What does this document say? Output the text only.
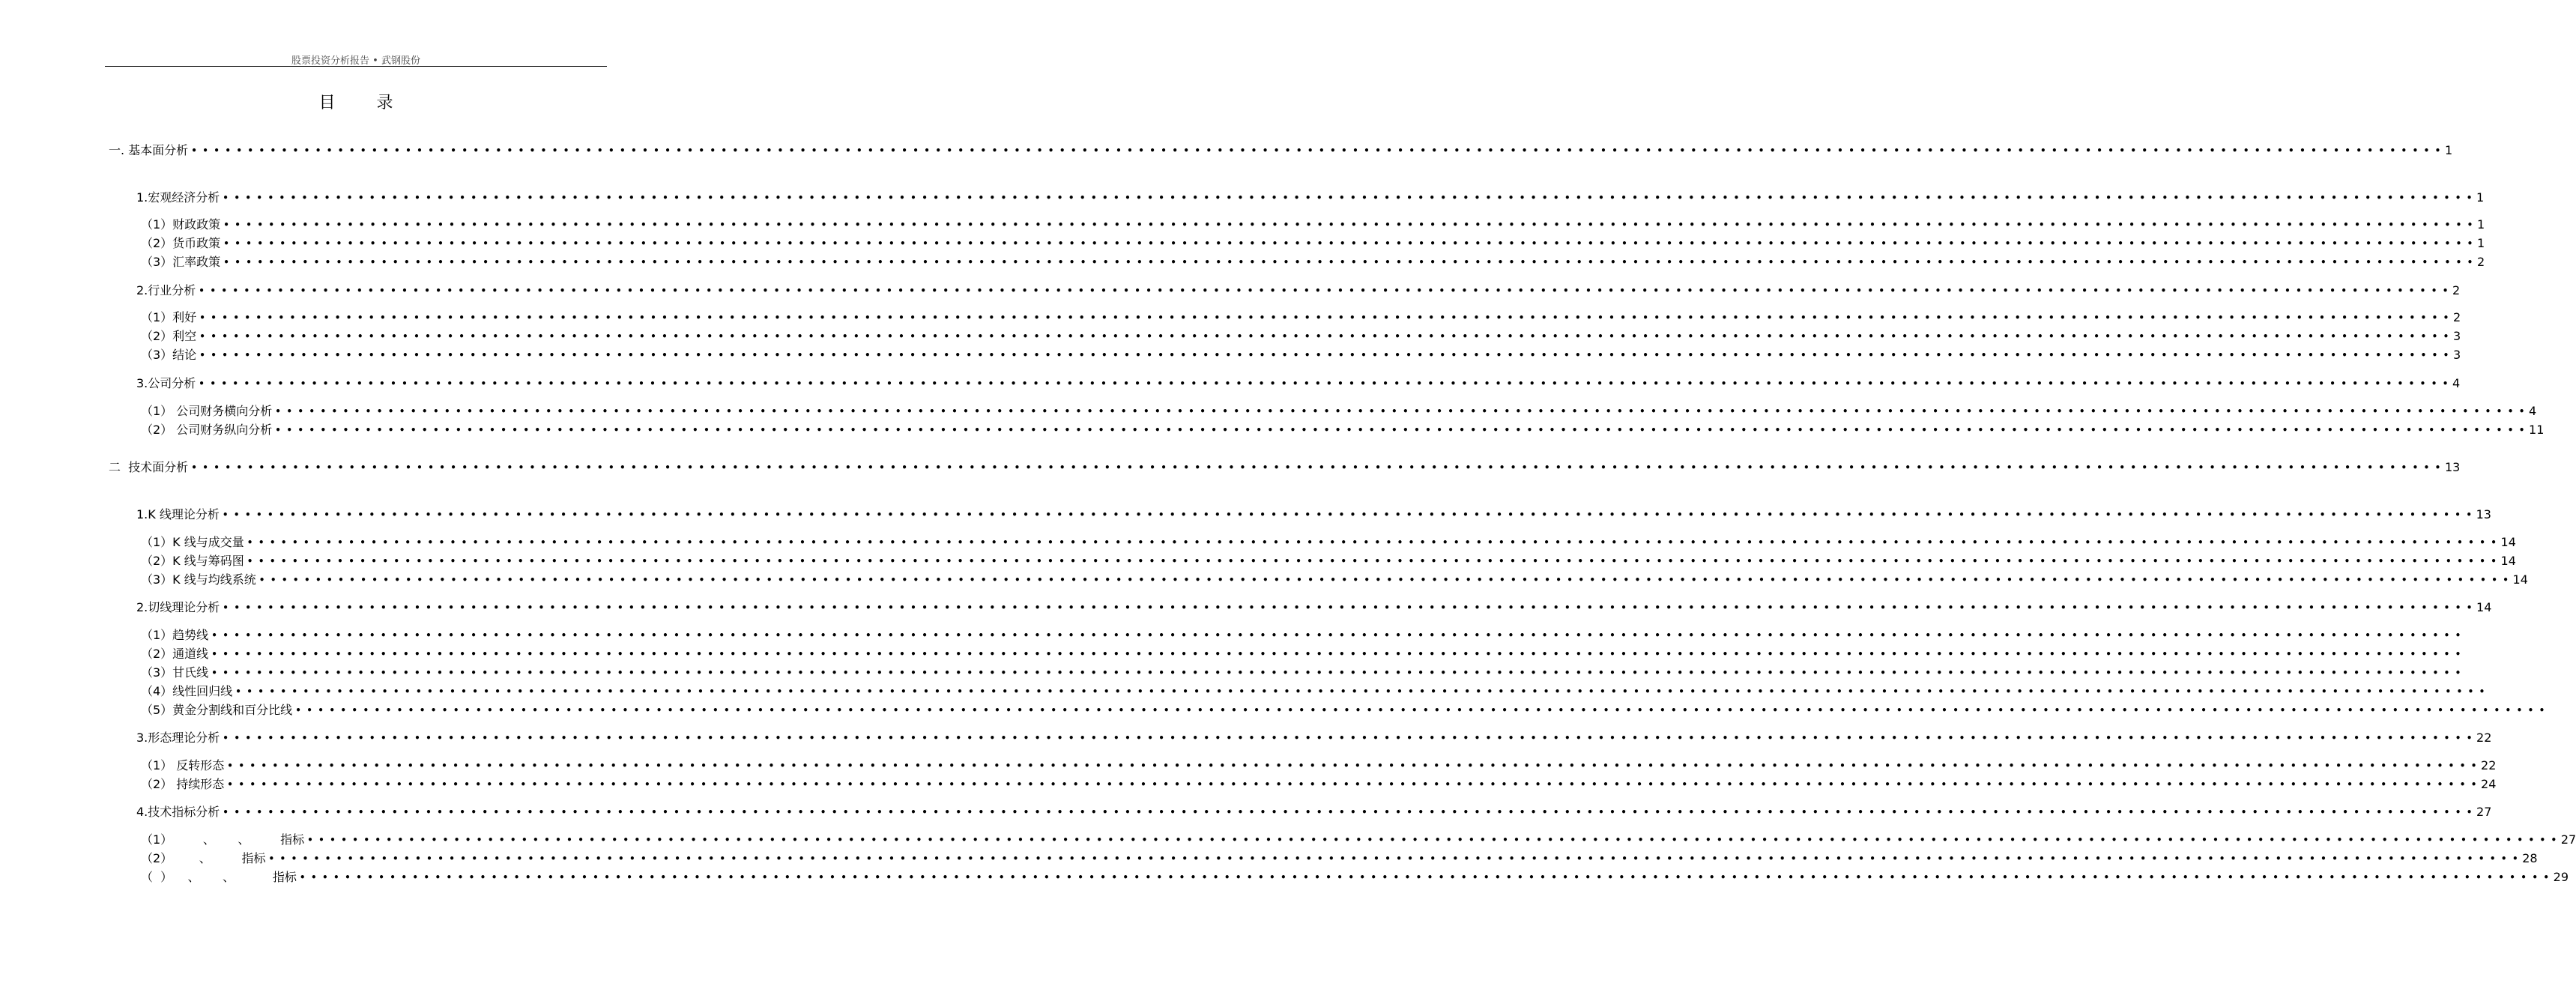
股票投资分析报告 • 武钢股份
目 录
一. 基本面分析 • • • • • • • • • • • • • • • • • • • • • • • • • • • • • • • • • • • • • • • • • • • • • • • • • • • • • • • • • • • • • • • • • • • • • • • • • • • • • • • • • • • • • • • • • • • • • • • • • • • • • • • • • • • • • • • • • • • • • • • • • • • • • • • • • • • • • • • • • • • • • • • • • • • • • • • • • • • • • • • • • • • • • • • • • • • • • • • • • • • • • • • • • • • • • • • • • • • • • • • • 1
1.宏观经济分析 • • • • • • • • • • • • • • • • • • • • • • • • • • • • • • • • • • • • • • • • • • • • • • • • • • • • • • • • • • • • • • • • • • • • • • • • • • • • • • • • • • • • • • • • • • • • • • • • • • • • • • • • • • • • • • • • • • • • • • • • • • • • • • • • • • • • • • • • • • • • • • • • • • • • • • • • • • • • • • • • • • • • • • • • • • • • • • • • • • • • • • • • • • • • • • • • • • • • • • • • 1
（1）财政政策 • • • • • • • • • • • • • • • • • • • • • • • • • • • • • • • • • • • • • • • • • • • • • • • • • • • • • • • • • • • • • • • • • • • • • • • • • • • • • • • • • • • • • • • • • • • • • • • • • • • • • • • • • • • • • • • • • • • • • • • • • • • • • • • • • • • • • • • • • • • • • • • • • • • • • • • • • • • • • • • • • • • • • • • • • • • • • • • • • • • • • • • • • • • • • • • • • • • • • • • • 1
（2）货币政策 • • • • • • • • • • • • • • • • • • • • • • • • • • • • • • • • • • • • • • • • • • • • • • • • • • • • • • • • • • • • • • • • • • • • • • • • • • • • • • • • • • • • • • • • • • • • • • • • • • • • • • • • • • • • • • • • • • • • • • • • • • • • • • • • • • • • • • • • • • • • • • • • • • • • • • • • • • • • • • • • • • • • • • • • • • • • • • • • • • • • • • • • • • • • • • • • • • • • • • • • 1
（3）汇率政策 • • • • • • • • • • • • • • • • • • • • • • • • • • • • • • • • • • • • • • • • • • • • • • • • • • • • • • • • • • • • • • • • • • • • • • • • • • • • • • • • • • • • • • • • • • • • • • • • • • • • • • • • • • • • • • • • • • • • • • • • • • • • • • • • • • • • • • • • • • • • • • • • • • • • • • • • • • • • • • • • • • • • • • • • • • • • • • • • • • • • • • • • • • • • • • • • • • • • • • • • 2
2.行业分析 • • • • • • • • • • • • • • • • • • • • • • • • • • • • • • • • • • • • • • • • • • • • • • • • • • • • • • • • • • • • • • • • • • • • • • • • • • • • • • • • • • • • • • • • • • • • • • • • • • • • • • • • • • • • • • • • • • • • • • • • • • • • • • • • • • • • • • • • • • • • • • • • • • • • • • • • • • • • • • • • • • • • • • • • • • • • • • • • • • • • • • • • • • • • • • • • • • • • • • • • 2
（1）利好 • • • • • • • • • • • • • • • • • • • • • • • • • • • • • • • • • • • • • • • • • • • • • • • • • • • • • • • • • • • • • • • • • • • • • • • • • • • • • • • • • • • • • • • • • • • • • • • • • • • • • • • • • • • • • • • • • • • • • • • • • • • • • • • • • • • • • • • • • • • • • • • • • • • • • • • • • • • • • • • • • • • • • • • • • • • • • • • • • • • • • • • • • • • • • • • • • • • • • • • • 2
（2）利空 • • • • • • • • • • • • • • • • • • • • • • • • • • • • • • • • • • • • • • • • • • • • • • • • • • • • • • • • • • • • • • • • • • • • • • • • • • • • • • • • • • • • • • • • • • • • • • • • • • • • • • • • • • • • • • • • • • • • • • • • • • • • • • • • • • • • • • • • • • • • • • • • • • • • • • • • • • • • • • • • • • • • • • • • • • • • • • • • • • • • • • • • • • • • • • • • • • • • • • • • 3
（3）结论 • • • • • • • • • • • • • • • • • • • • • • • • • • • • • • • • • • • • • • • • • • • • • • • • • • • • • • • • • • • • • • • • • • • • • • • • • • • • • • • • • • • • • • • • • • • • • • • • • • • • • • • • • • • • • • • • • • • • • • • • • • • • • • • • • • • • • • • • • • • • • • • • • • • • • • • • • • • • • • • • • • • • • • • • • • • • • • • • • • • • • • • • • • • • • • • • • • • • • • • • 3
3.公司分析 • • • • • • • • • • • • • • • • • • • • • • • • • • • • • • • • • • • • • • • • • • • • • • • • • • • • • • • • • • • • • • • • • • • • • • • • • • • • • • • • • • • • • • • • • • • • • • • • • • • • • • • • • • • • • • • • • • • • • • • • • • • • • • • • • • • • • • • • • • • • • • • • • • • • • • • • • • • • • • • • • • • • • • • • • • • • • • • • • • • • • • • • • • • • • • • • • • • • • • • • 4
（1） 公司财务横向分析 • • • • • • • • • • • • • • • • • • • • • • • • • • • • • • • • • • • • • • • • • • • • • • • • • • • • • • • • • • • • • • • • • • • • • • • • • • • • • • • • • • • • • • • • • • • • • • • • • • • • • • • • • • • • • • • • • • • • • • • • • • • • • • • • • • • • • • • • • • • • • • • • • • • • • • • • • • • • • • • • • • • • • • • • • • • • • • • • • • • • • • • • • • • • • • • • • • • • • • • • 4
（2） 公司财务纵向分析 • • • • • • • • • • • • • • • • • • • • • • • • • • • • • • • • • • • • • • • • • • • • • • • • • • • • • • • • • • • • • • • • • • • • • • • • • • • • • • • • • • • • • • • • • • • • • • • • • • • • • • • • • • • • • • • • • • • • • • • • • • • • • • • • • • • • • • • • • • • • • • • • • • • • • • • • • • • • • • • • • • • • • • • • • • • • • • • • • • • • • • • • • • • • • • • • • • • • • • • • 11
二  技术面分析 • • • • • • • • • • • • • • • • • • • • • • • • • • • • • • • • • • • • • • • • • • • • • • • • • • • • • • • • • • • • • • • • • • • • • • • • • • • • • • • • • • • • • • • • • • • • • • • • • • • • • • • • • • • • • • • • • • • • • • • • • • • • • • • • • • • • • • • • • • • • • • • • • • • • • • • • • • • • • • • • • • • • • • • • • • • • • • • • • • • • • • • • • • • • • • • • • • • • • • • • 13
1.K 线理论分析 • • • • • • • • • • • • • • • • • • • • • • • • • • • • • • • • • • • • • • • • • • • • • • • • • • • • • • • • • • • • • • • • • • • • • • • • • • • • • • • • • • • • • • • • • • • • • • • • • • • • • • • • • • • • • • • • • • • • • • • • • • • • • • • • • • • • • • • • • • • • • • • • • • • • • • • • • • • • • • • • • • • • • • • • • • • • • • • • • • • • • • • • • • • • • • • • • • • • • • • • 13
（1）K 线与成交量 • • • • • • • • • • • • • • • • • • • • • • • • • • • • • • • • • • • • • • • • • • • • • • • • • • • • • • • • • • • • • • • • • • • • • • • • • • • • • • • • • • • • • • • • • • • • • • • • • • • • • • • • • • • • • • • • • • • • • • • • • • • • • • • • • • • • • • • • • • • • • • • • • • • • • • • • • • • • • • • • • • • • • • • • • • • • • • • • • • • • • • • • • • • • • • • • • • • • • • • • 14
（2）K 线与筹码图 • • • • • • • • • • • • • • • • • • • • • • • • • • • • • • • • • • • • • • • • • • • • • • • • • • • • • • • • • • • • • • • • • • • • • • • • • • • • • • • • • • • • • • • • • • • • • • • • • • • • • • • • • • • • • • • • • • • • • • • • • • • • • • • • • • • • • • • • • • • • • • • • • • • • • • • • • • • • • • • • • • • • • • • • • • • • • • • • • • • • • • • • • • • • • • • • • • • • • • • • 14
（3）K 线与均线系统 • • • • • • • • • • • • • • • • • • • • • • • • • • • • • • • • • • • • • • • • • • • • • • • • • • • • • • • • • • • • • • • • • • • • • • • • • • • • • • • • • • • • • • • • • • • • • • • • • • • • • • • • • • • • • • • • • • • • • • • • • • • • • • • • • • • • • • • • • • • • • • • • • • • • • • • • • • • • • • • • • • • • • • • • • • • • • • • • • • • • • • • • • • • • • • • • • • • • • • • • 14
2.切线理论分析 • • • • • • • • • • • • • • • • • • • • • • • • • • • • • • • • • • • • • • • • • • • • • • • • • • • • • • • • • • • • • • • • • • • • • • • • • • • • • • • • • • • • • • • • • • • • • • • • • • • • • • • • • • • • • • • • • • • • • • • • • • • • • • • • • • • • • • • • • • • • • • • • • • • • • • • • • • • • • • • • • • • • • • • • • • • • • • • • • • • • • • • • • • • • • • • • • • • • • • • • 14
（1）趋势线 • • • • • • • • • • • • • • • • • • • • • • • • • • • • • • • • • • • • • • • • • • • • • • • • • • • • • • • • • • • • • • • • • • • • • • • • • • • • • • • • • • • • • • • • • • • • • • • • • • • • • • • • • • • • • • • • • • • • • • • • • • • • • • • • • • • • • • • • • • • • • • • • • • • • • • • • • • • • • • • • • • • • • • • • • • • • • • • • • • • • • • • • • • • • • • • • • • • • • • • •
（2）通道线 • • • • • • • • • • • • • • • • • • • • • • • • • • • • • • • • • • • • • • • • • • • • • • • • • • • • • • • • • • • • • • • • • • • • • • • • • • • • • • • • • • • • • • • • • • • • • • • • • • • • • • • • • • • • • • • • • • • • • • • • • • • • • • • • • • • • • • • • • • • • • • • • • • • • • • • • • • • • • • • • • • • • • • • • • • • • • • • • • • • • • • • • • • • • • • • • • • • • • • • •
（3）甘氏线 • • • • • • • • • • • • • • • • • • • • • • • • • • • • • • • • • • • • • • • • • • • • • • • • • • • • • • • • • • • • • • • • • • • • • • • • • • • • • • • • • • • • • • • • • • • • • • • • • • • • • • • • • • • • • • • • • • • • • • • • • • • • • • • • • • • • • • • • • • • • • • • • • • • • • • • • • • • • • • • • • • • • • • • • • • • • • • • • • • • • • • • • • • • • • • • • • • • • • • • •
（4）线性回归线 • • • • • • • • • • • • • • • • • • • • • • • • • • • • • • • • • • • • • • • • • • • • • • • • • • • • • • • • • • • • • • • • • • • • • • • • • • • • • • • • • • • • • • • • • • • • • • • • • • • • • • • • • • • • • • • • • • • • • • • • • • • • • • • • • • • • • • • • • • • • • • • • • • • • • • • • • • • • • • • • • • • • • • • • • • • • • • • • • • • • • • • • • • • • • • • • • • • • • • • •
（5）黄金分割线和百分比线 • • • • • • • • • • • • • • • • • • • • • • • • • • • • • • • • • • • • • • • • • • • • • • • • • • • • • • • • • • • • • • • • • • • • • • • • • • • • • • • • • • • • • • • • • • • • • • • • • • • • • • • • • • • • • • • • • • • • • • • • • • • • • • • • • • • • • • • • • • • • • • • • • • • • • • • • • • • • • • • • • • • • • • • • • • • • • • • • • • • • • • • • • • • • • • • • • • • • • • • •
3.形态理论分析 • • • • • • • • • • • • • • • • • • • • • • • • • • • • • • • • • • • • • • • • • • • • • • • • • • • • • • • • • • • • • • • • • • • • • • • • • • • • • • • • • • • • • • • • • • • • • • • • • • • • • • • • • • • • • • • • • • • • • • • • • • • • • • • • • • • • • • • • • • • • • • • • • • • • • • • • • • • • • • • • • • • • • • • • • • • • • • • • • • • • • • • • • • • • • • • • • • • • • • • • 22
（1） 反转形态 • • • • • • • • • • • • • • • • • • • • • • • • • • • • • • • • • • • • • • • • • • • • • • • • • • • • • • • • • • • • • • • • • • • • • • • • • • • • • • • • • • • • • • • • • • • • • • • • • • • • • • • • • • • • • • • • • • • • • • • • • • • • • • • • • • • • • • • • • • • • • • • • • • • • • • • • • • • • • • • • • • • • • • • • • • • • • • • • • • • • • • • • • • • • • • • • • • • • • • • • 22
（2） 持续形态 • • • • • • • • • • • • • • • • • • • • • • • • • • • • • • • • • • • • • • • • • • • • • • • • • • • • • • • • • • • • • • • • • • • • • • • • • • • • • • • • • • • • • • • • • • • • • • • • • • • • • • • • • • • • • • • • • • • • • • • • • • • • • • • • • • • • • • • • • • • • • • • • • • • • • • • • • • • • • • • • • • • • • • • • • • • • • • • • • • • • • • • • • • • • • • • • • • • • • • • • 24
4.技术指标分析 • • • • • • • • • • • • • • • • • • • • • • • • • • • • • • • • • • • • • • • • • • • • • • • • • • • • • • • • • • • • • • • • • • • • • • • • • • • • • • • • • • • • • • • • • • • • • • • • • • • • • • • • • • • • • • • • • • • • • • • • • • • • • • • • • • • • • • • • • • • • • • • • • • • • • • • • • • • • • • • • • • • • • • • • • • • • • • • • • • • • • • • • • • • • • • • • • • • • • • • • 27
（1）        、      、        指标 • • • • • • • • • • • • • • • • • • • • • • • • • • • • • • • • • • • • • • • • • • • • • • • • • • • • • • • • • • • • • • • • • • • • • • • • • • • • • • • • • • • • • • • • • • • • • • • • • • • • • • • • • • • • • • • • • • • • • • • • • • • • • • • • • • • • • • • • • • • • • • • • • • • • • • • • • • • • • • • • • • • • • • • • • • • • • • • • • • • • • • • • • • • • • • • • • • • • • • • • 27
（2）       、        指标 • • • • • • • • • • • • • • • • • • • • • • • • • • • • • • • • • • • • • • • • • • • • • • • • • • • • • • • • • • • • • • • • • • • • • • • • • • • • • • • • • • • • • • • • • • • • • • • • • • • • • • • • • • • • • • • • • • • • • • • • • • • • • • • • • • • • • • • • • • • • • • • • • • • • • • • • • • • • • • • • • • • • • • • • • • • • • • • • • • • • • • • • • • • • • • • • • • • • • • • • 28
（  ）    、      、          指标 • • • • • • • • • • • • • • • • • • • • • • • • • • • • • • • • • • • • • • • • • • • • • • • • • • • • • • • • • • • • • • • • • • • • • • • • • • • • • • • • • • • • • • • • • • • • • • • • • • • • • • • • • • • • • • • • • • • • • • • • • • • • • • • • • • • • • • • • • • • • • • • • • • • • • • • • • • • • • • • • • • • • • • • • • • • • • • • • • • • • • • • • • • • • • • • • • • • • • • • • 29
